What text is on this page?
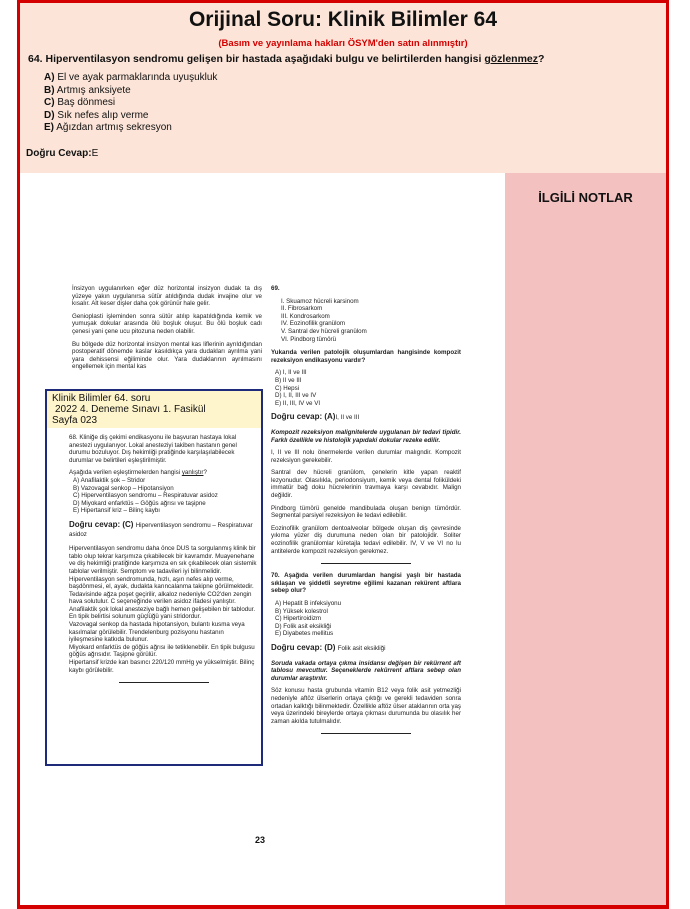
Orijinal Soru: Klinik Bilimler 64
(Basım ve yayınlama hakları ÖSYM'den satın alınmıştır)
64. Hiperventilasyon sendromu gelişen bir hastada aşağıdaki bulgu ve belirtilerden hangisi gözlenmez?
A) El ve ayak parmaklarında uyuşukluk
B) Artmış anksiyete
C) Baş dönmesi
D) Sık nefes alıp verme
E) Ağızdan artmış sekresyon
Doğru Cevap:E
İLGİLİ NOTLAR

İnsizyon uygulanırken eğer düz horizontal insizyon dudak ta dış yüzeye yakın uygulanırsa sütür atıldığında dudak invajine olur ve kısalır. Alt keser dişler daha çok görünür hale gelir.

Genioplasti işleminden sonra sütür atılıp kapatıldığında kemik ve yumuşak dokular arasında ölü boşluk oluşur. Bu ölü boşluk cadı çenesi yani çene ucu pitozuna neden olabilir.

Bu bölgede düz horizontal insizyon mental kas liflerinin ayrıldığından postoperatif dönemde kaslar kasıldıkça yara dudakları ayrılma yani yara dehissensi eğiliminde olur. Yara dudaklarının ayrılmasını engellemek için mental kas

69.

I. Skuamoz hücreli karsinom
II. Fibrosarkom
III. Kondrosarkom
IV. Eozinofilik granülom
V. Santral dev hücreli granülom
VI. Pindborg tümörü

Yukarıda verilen patolojik oluşumlardan hangisinde kompozit rezeksiyon endikasyonu vardır?

A) I, II ve III
B) II ve III
C) Hepsi
D) I, II, III ve IV
E) II, III, IV ve VI
Doğru cevap: (A)I, II ve III

Kompozit rezeksiyon malignitelerde uygulanan bir tedavi tipidir. Farklı özellikle ve histolojik yapıdaki dokular rezeke edilir.

I, II ve III nolu önermelerde verilen durumlar malıgndir. Kompozit rezeksiyon gerekebilir.

Santral dev hücreli granülom, çenelerin kitle yapan reaktif lezyonudur. Olasılıkla, periodonsiyum, kemik veya dental foliküldeki immatür bağ doku hücrelerinin travmaya karşı cevabıdır. Malign değildir.

Pindborg tümörü genelde mandibulada oluşan benign tümördür. Segmental parsiyel rezeksiyon ile tedavi edilebilir.

Eozinofilik granülom dentoalveolar bölgede oluşan diş çevresinde yıkıma yüzer diş durumuna neden olan bir patolojidir. Soliter eozinofilik granülomlar küretajla tedavi edilebilir. IV, V ve VI no lu antitelerde kompozit rezeksiyon gerekmez.

70. Aşağıda verilen durumlardan hangisi yaşlı bir hastada sıklaşan ve şiddetli seyretme eğilimi kazanan rekürent aftlara sebep olur?

A) Hepatit B infeksiyonu
B) Yüksek kolestrol
C) Hipertiroidizm
D) Folik asit eksikliği
E) Diyabetes mellitus
Doğru cevap: (D) Folik asit eksikliği

Soruda vakada ortaya çıkma insidansı değişen bir rekürrent aft tablosu mevcuttur. Seçeneklerde rekürrent aftlara sebep olan durumlar araştırılır.

Söz konusu hasta grubunda vitamin B12 veya folik asit yetmezliği nedeniyle aftöz ülserlerin ortaya çıktığı ve gerekli tedaviden sonra ortadan kalktığı bilinmektedir. Özellikle aftöz ülser ataklarının orta yaş veya üzerindeki bireylerde ortaya çıkması durumunda bu olasılık her zaman akılda tutulmalıdır.

23
Klinik Bilimler 64. soru
2022 4. Deneme Sınavı 1. Fasikül
Sayfa 023

68. Kliniğe diş çekimi endikasyonu ile başvuran hastaya lokal anestezi uygulanıyor. Lokal anesteziyi takiben hastanın genel durumu bozuluyor. Dış hekimliği pratiğinde karşılaşılabilecek durumlar ve belirtileri eşleştirilmiştir.

Aşağıda verilen eşleştirmelerden hangisi yanlıştır?

A) Anafilaktik şok – Stridor
B) Vazovagal senkop – Hipotansiyon
C) Hiperventilasyon sendromu – Respiratuvar asidoz
D) Miyokard enfarktüs – Göğüs ağrısı ve taşipne
E) Hipertansif kriz – Bilinç kaybı
Doğru cevap: (C) Hiperventilasyon sendromu – Respiratuvar asidoz

Hiperventilasyon sendromu daha önce DUS ta sorgulanmış klinik bir tablo olup tekrar karşımıza çıkabilecek bir kavramdır. Muayenehane ve diş hekimliği pratiğinde karşımıza en sık çıkabilecek olan sistemik tablolar verilmiştir. Semptom ve tadavileri iyi bilinmelidir.

Hiperventilasyon sendromunda, hızlı, aşırı nefes alıp verme, başdönmesi, el, ayak, dudakta karıncalanma takipne görülmektedir. Tedavisinde ağza poşet geçirilir, alkaloz nedeniyle CO2'den zengin hava solutulur. C seçeneğinde verilen asidoz ifadesi yanlıştır.

Anafilaktik şok lokal anesteziye bağlı hemen gelişebilen bir tablodur. En tipik belirtisi solunum güçlüğü yani stridordur.

Vazovagal senkop da hastada hipotansiyon, bulantı kusma veya kasılmalar görülebilir. Trendelenburg pozisyonu hastanın iyileşmesine katkıda bulunur.

Miyokard enfarktüs de göğüs ağrısı ile tetiklenebilir. En tipik bulgusu göğüs ağrısıdır. Taşipne görülür.

Hipertansif krizde kan basıncı 220/120 mmHg ye yükselmiştir. Bilinç kaybı görülebilir.
